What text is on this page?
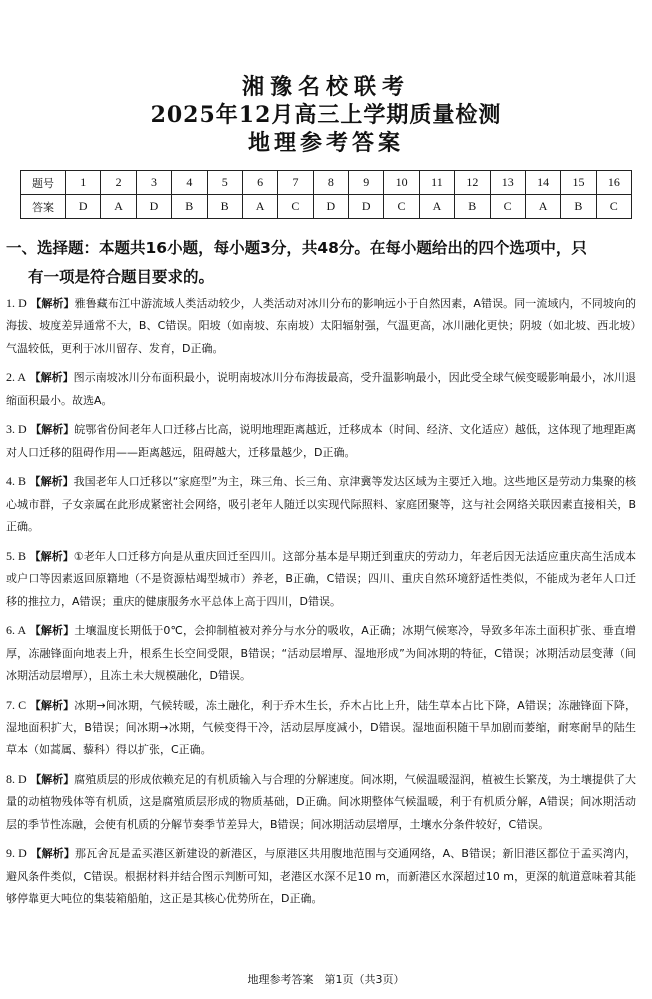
湘豫名校联考
2025年12月高三上学期质量检测
地理参考答案
题号	1	2	3	4	5	6	7	8	9	10	11	12	13	14	15	16
答案	D	A	D	B	B	A	C	D	D	C	A	B	C	A	B	C
一、选择题：本题共16小题，每小题3分，共48分。在每小题给出的四个选项中，只
有一项是符合题目要求的。
1. D 【解析】雅鲁藏布江中游流域人类活动较少，人类活动对冰川分布的影响远小于自然因素，A错误。同一流域内，不同坡向的海拔、坡度差异通常不大，B、C错误。阳坡（如南坡、东南坡）太阳辐射强，气温更高，冰川融化更快；阴坡（如北坡、西北坡）气温较低，更利于冰川留存、发育，D正确。
2. A 【解析】图示南坡冰川分布面积最小，说明南坡冰川分布海拔最高，受升温影响最小，因此受全球气候变暖影响最小，冰川退缩面积最小。故选A。
3. D 【解析】皖鄂省份间老年人口迁移占比高，说明地理距离越近，迁移成本（时间、经济、文化适应）越低，这体现了地理距离对人口迁移的阻碍作用——距离越远，阻碍越大，迁移量越少，D正确。
4. B 【解析】我国老年人口迁移以“家庭型”为主，珠三角、长三角、京津冀等发达区域为主要迁入地。这些地区是劳动力集聚的核心城市群，子女亲属在此形成紧密社会网络，吸引老年人随迁以实现代际照料、家庭团聚等，这与社会网络关联因素直接相关，B正确。
5. B 【解析】①老年人口迁移方向是从重庆回迁至四川。这部分基本是早期迁到重庆的劳动力，年老后因无法适应重庆高生活成本或户口等因素返回原籍地（不是资源枯竭型城市）养老，B正确，C错误；四川、重庆自然环境舒适性类似，不能成为老年人口迁移的推拉力，A错误；重庆的健康服务水平总体上高于四川，D错误。
6. A 【解析】土壤温度长期低于0℃，会抑制植被对养分与水分的吸收，A正确；冰期气候寒冷，导致多年冻土面积扩张、垂直增厚，冻融锋面向地表上升，根系生长空间受限，B错误；“活动层增厚、湿地形成”为间冰期的特征，C错误；冰期活动层变薄（间冰期活动层增厚），且冻土未大规模融化，D错误。
7. C 【解析】冰期→间冰期，气候转暖，冻土融化，利于乔木生长，乔木占比上升，陆生草本占比下降，A错误；冻融锋面下降，湿地面积扩大，B错误；间冰期→冰期，气候变得干冷，活动层厚度减小，D错误。湿地面积随干旱加剧而萎缩，耐寒耐旱的陆生草本（如蒿属、藜科）得以扩张，C正确。
8. D 【解析】腐殖质层的形成依赖充足的有机质输入与合理的分解速度。间冰期，气候温暖湿润，植被生长繁茂，为土壤提供了大量的动植物残体等有机质，这是腐殖质层形成的物质基础，D正确。间冰期整体气候温暖，利于有机质分解，A错误；间冰期活动层的季节性冻融，会使有机质的分解节奏季节差异大，B错误；间冰期活动层增厚，土壤水分条件较好，C错误。
9. D 【解析】那瓦舍瓦是孟买港区新建设的新港区，与原港区共用腹地范围与交通网络，A、B错误；新旧港区都位于孟买湾内，避风条件类似，C错误。根据材料并结合图示判断可知，老港区水深不足10 m，而新港区水深超过10 m，更深的航道意味着其能够停靠更大吨位的集装箱船舶，这正是其核心优势所在，D正确。
地理参考答案　第1页（共3页）
